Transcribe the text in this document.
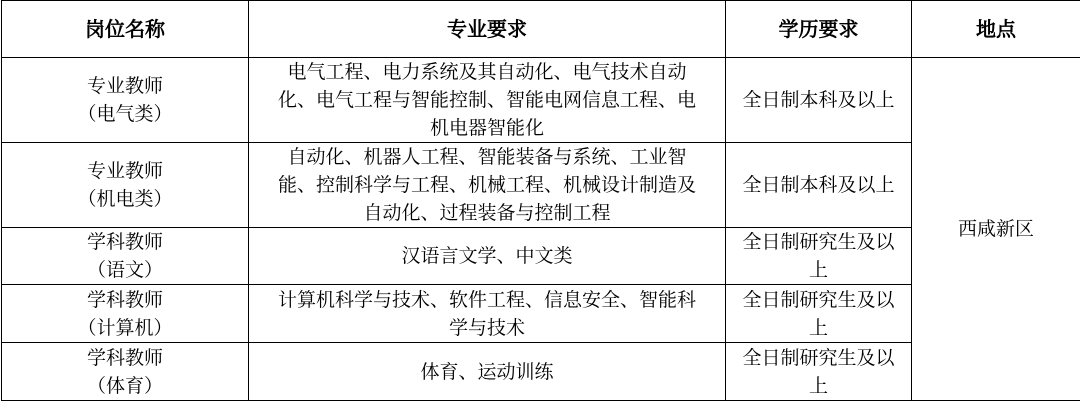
岗位名称	专业要求	学历要求	地点

专业教师
（电气类）	电气工程、电力系统及其自动化、电气技术自动化、电气工程与智能控制、智能电网信息工程、电机电器智能化	全日制本科及以上	西咸新区

专业教师
（机电类）	自动化、机器人工程、智能装备与系统、工业智能、控制科学与工程、机械工程、机械设计制造及自动化、过程装备与控制工程	全日制本科及以上	

学科教师
（语文）	汉语言文学、中文类	全日制研究生及以上	

学科教师
（计算机）	计算机科学与技术、软件工程、信息安全、智能科学与技术	全日制研究生及以上	

学科教师
（体育）	体育、运动训练	全日制研究生及以上	
